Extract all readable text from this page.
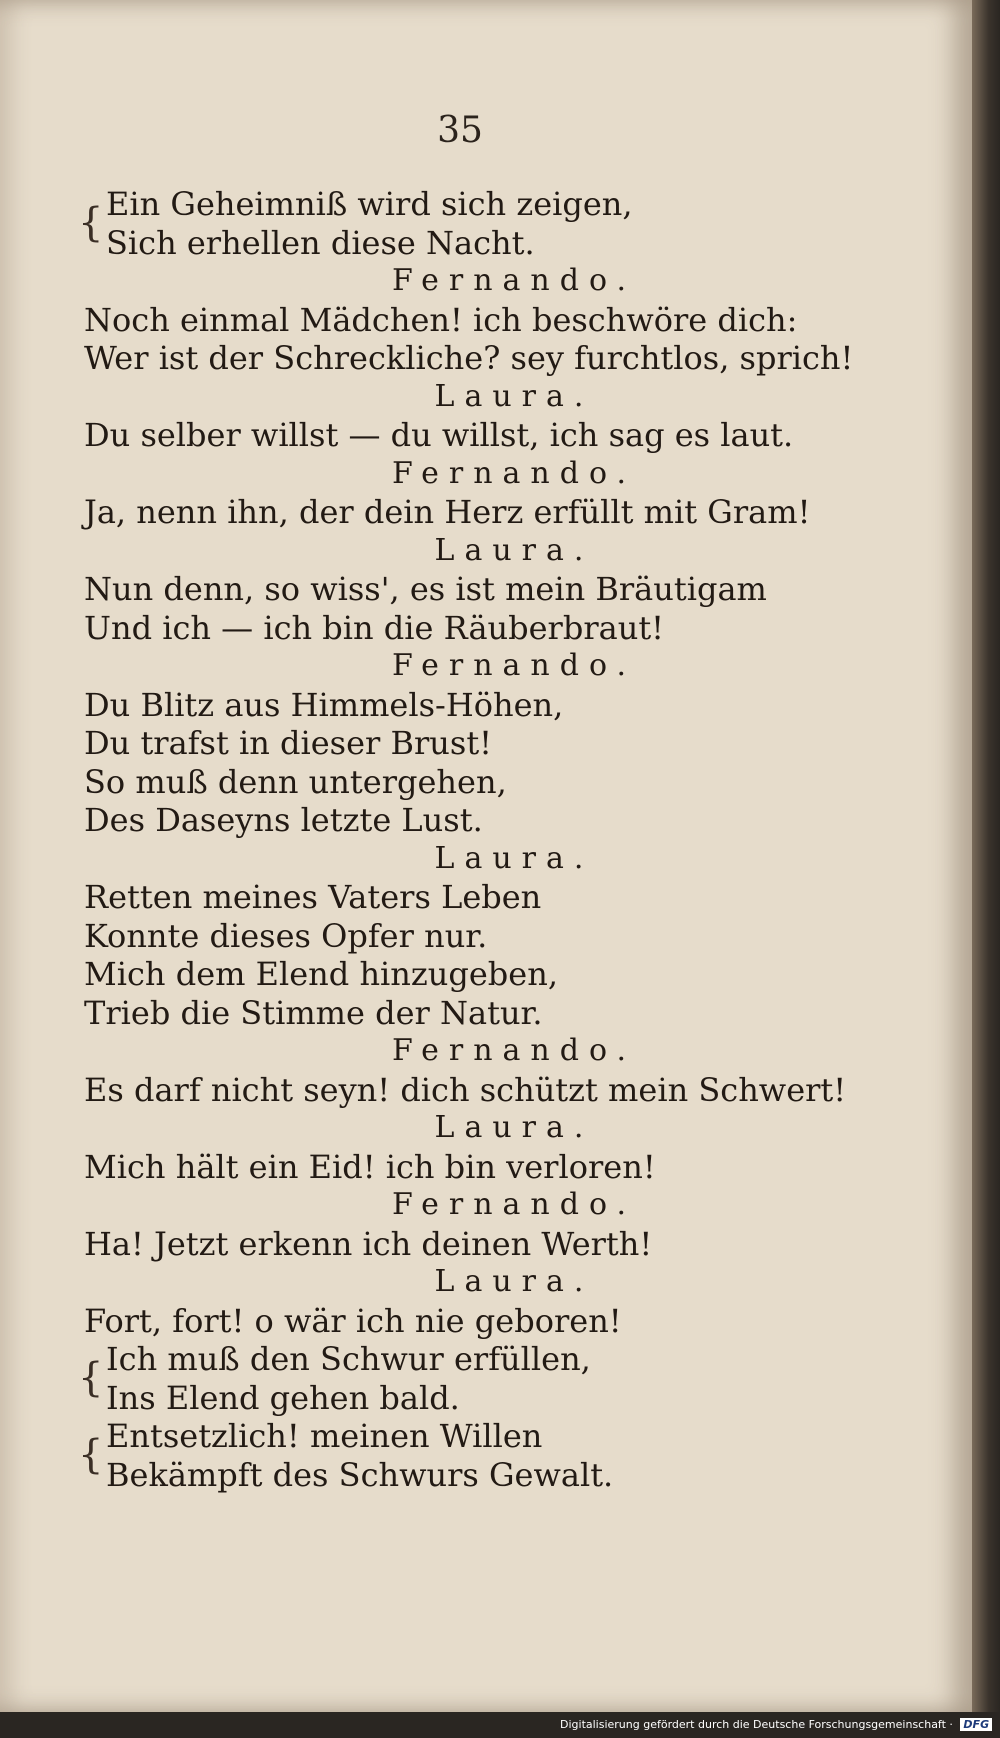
35
Ein Geheimniß wird sich zeigen,
Sich erhellen diese Nacht.
Fernando.
Noch einmal Mädchen! ich beschwöre dich:
Wer ist der Schreckliche? sey furchtlos, sprich!
Laura.
Du selber willst — du willst, ich sag es laut.
Fernando.
Ja, nenn ihn, der dein Herz erfüllt mit Gram!
Laura.
Nun denn, so wiss', es ist mein Bräutigam
Und ich — ich bin die Räuberbraut!
Fernando.
Du Blitz aus Himmels-Höhen,
Du trafst in dieser Brust!
So muß denn untergehen,
Des Daseyns letzte Lust.
Laura.
Retten meines Vaters Leben
Konnte dieses Opfer nur.
Mich dem Elend hinzugeben,
Trieb die Stimme der Natur.
Fernando.
Es darf nicht seyn! dich schützt mein Schwert!
Laura.
Mich hält ein Eid! ich bin verloren!
Fernando.
Ha! Jetzt erkenn ich deinen Werth!
Laura.
Fort, fort! o wär ich nie geboren!
Ich muß den Schwur erfüllen,
Ins Elend gehen bald.
Entsetzlich! meinen Willen
Bekämpft des Schwurs Gewalt.
{
{
{
Digitalisierung gefördert durch die Deutsche Forschungsgemeinschaft · DFG
